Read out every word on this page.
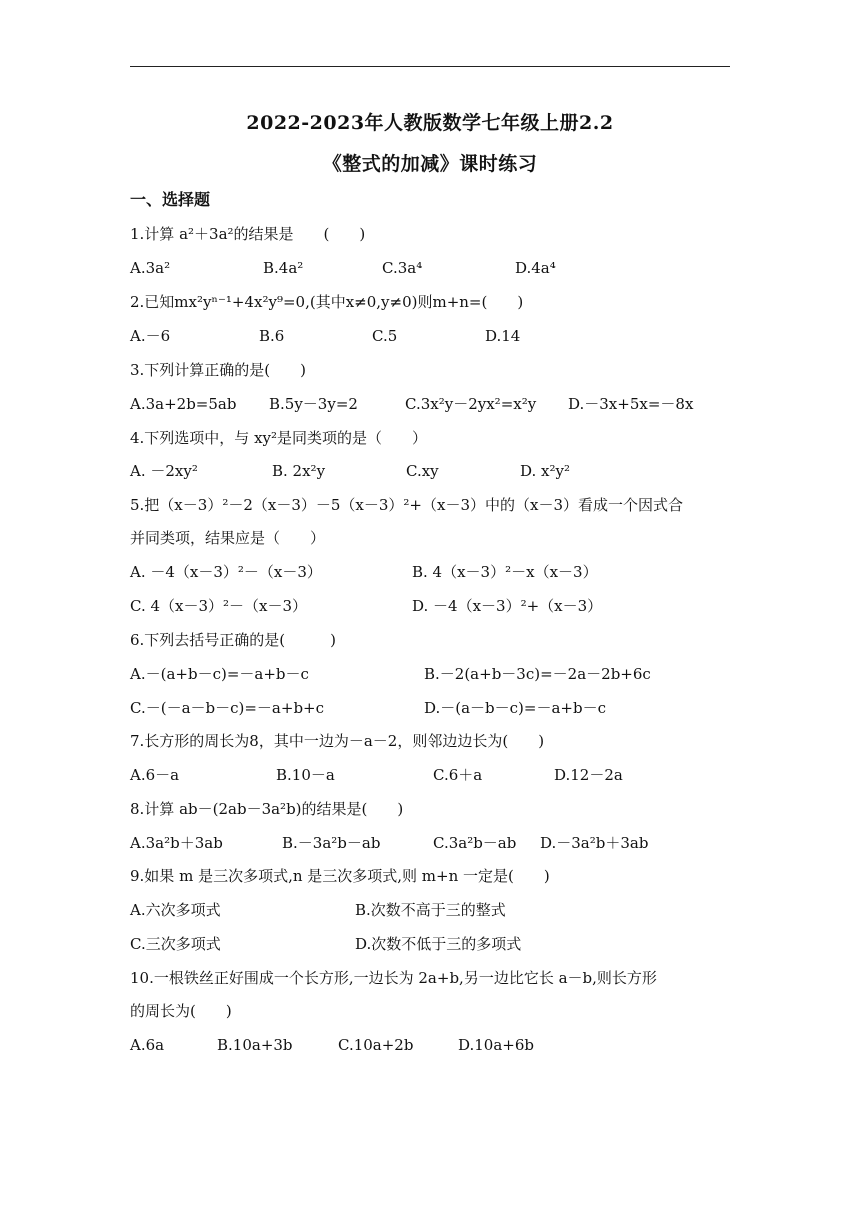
2022-2023年人教版数学七年级上册2.2
《整式的加减》课时练习
一、选择题
1.计算 a²＋3a²的结果是　　(　　)
A.3a²	B.4a²	C.3a⁴	D.4a⁴
2.已知mx²yⁿ⁻¹+4x²y⁹=0,(其中x≠0,y≠0)则m+n=(　　)
A.－6	B.6	C.5	D.14
3.下列计算正确的是(　　)
A.3a+2b=5ab B.5y－3y=2	C.3x²y－2yx²=x²y D.－3x+5x=－8x
4.下列选项中，与 xy²是同类项的是（　　）
A. －2xy²	B. 2x²y	C.xy	D. x²y²
5.把（x－3）²－2（x－3）－5（x－3）²+（x－3）中的（x－3）看成一个因式合
并同类项，结果应是（　　）
A. －4（x－3）²－（x－3）	B. 4（x－3）²－x（x－3）
C. 4（x－3）²－（x－3）	D. －4（x－3）²+（x－3）
6.下列去括号正确的是(　　　)
A.－(a+b－c)=－a+b－c	B.－2(a+b－3c)=－2a－2b+6c
C.－(－a－b－c)=－a+b+c	D.－(a－b－c)=－a+b－c
7.长方形的周长为8，其中一边为－a－2，则邻边边长为(　　)
A.6－a	B.10－a	C.6＋a	D.12－2a
8.计算 ab－(2ab－3a²b)的结果是(　　)
A.3a²b＋3ab	B.－3a²b－ab	C.3a²b－ab D.－3a²b＋3ab
9.如果 m 是三次多项式,n 是三次多项式,则 m+n 一定是(　　)
A.六次多项式	B.次数不高于三的整式
C.三次多项式	D.次数不低于三的多项式
10.一根铁丝正好围成一个长方形,一边长为 2a+b,另一边比它长 a－b,则长方形
的周长为(　　)
A.6a	B.10a+3b	C.10a+2b	D.10a+6b
